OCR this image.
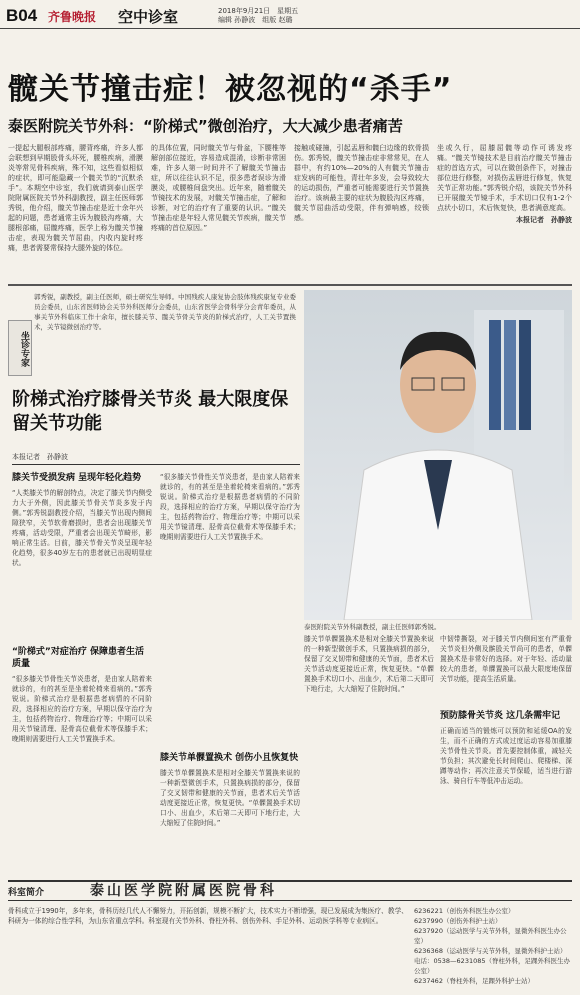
B04 齐鲁晚报 空中诊室	2018年9月21日　星期五
编辑 孙静波　组版 赵璐
髋关节撞击症！被忽视的“杀手”
泰医附院关节外科：“阶梯式”微创治疗，大大减少患者痛苦
一提起大腿根部疼痛，腰背疼痛，许多人都会联想到早期股骨头坏死，腰椎疾病，滑膜炎等常见骨科疾病，殊不知，这些看似相似的症状，即可能隐藏一个髋关节的“沉默杀手”。本期空中诊室，我们就请到泰山医学院附属医院关节外科副教授，副主任医师郭秀锐，他介绍，髋关节撞击症是近十余年兴起的问题，患者通常主诉为腹股沟疼痛，大腿根部痛，屈髋疼痛，医学上称为髋关节撞击症，表现为髋关节屈曲，内收内旋时疼痛，患者需要常保持大腿外旋的体位。
的具体位置，同时髋关节与骨盆，下腰椎等解剖部位接近，容易造成混淆，诊断非常困难，许多人第一时间并不了解髋关节撞击症，所以往往认识不足，很多患者误诊为滑膜炎，或腰椎间盘突出。近年来，随着髋关节镜技术的发展，对髋关节撞击症，了解和诊断，对它的治疗有了重要的认识。“髋关节撞击症是年轻人常见髋关节疾病，髋关节疼痛的首位原因。”
接触或碰撞，引起盂唇和髋臼边缘的软骨损伤。郭秀锐，髋关节撞击症非常常见，在人群中，有约10%—20%的人有髋关节撞击症发病的可能性，青壮年多发，会导致较大的运动损伤，严重者可能需要进行关节置换治疗。该病最主要的症状为腹股沟区疼痛，髋关节屈曲活动受限，伴有弹响感，绞锁感。
坐或久行，屈膝屈髋等动作可诱发疼痛。“髋关节镜技术是目前治疗髋关节撞击症的首选方式，可以在微创条件下，对撞击部位进行修整，对损伤盂唇进行修复，恢复关节正常功能。”郭秀锐介绍，该院关节外科已开展髋关节镜手术，手术切口仅有1-2个点状小切口，术后恢复快，患者满意度高。
本报记者　孙静波
坐诊专家
郭秀锐，副教授，副主任医师，硕士研究生导师。中国残疾人康复协会肢体残疾康复专业委员会委员，山东省医师协会关节外科医师分会委员，山东省医学会骨科学分会青年委员，从事关节外科临床工作十余年，擅长膝关节、髋关节骨关节炎的阶梯式治疗，人工关节置换术，关节镜微创治疗等。
阶梯式治疗膝骨关节炎 最大限度保留关节功能
本报记者　孙静波
膝关节受损发病 呈现年轻化趋势
“人类膝关节的解剖特点，决定了膝关节内侧受力大于外侧，因此膝关节骨关节炎多发于内侧。”郭秀锐副教授介绍，当膝关节出现内侧间隙狭窄，关节软骨磨损时，患者会出现膝关节疼痛，活动受限，严重者会出现关节畸形，影响正常生活。目前，膝关节骨关节炎呈现年轻化趋势，很多40岁左右的患者就已出现明显症状。
“阶梯式”对症治疗 保障患者生活质量
“很多膝关节骨性关节炎患者，是由家人陪着来就诊的，有的甚至是坐着轮椅来看病的。”郭秀锐说。阶梯式治疗是根据患者病情的不同阶段，选择相应的治疗方案，早期以保守治疗为主，包括药物治疗、物理治疗等；中期可以采用关节镜清理、胫骨高位截骨术等保膝手术；晚期则需要进行人工关节置换手术。
“很多膝关节骨性关节炎患者，是由家人陪着来就诊的，有的甚至是坐着轮椅来看病的。”郭秀锐说。阶梯式治疗是根据患者病情的不同阶段，选择相应的治疗方案，早期以保守治疗为主，包括药物治疗、物理治疗等；中期可以采用关节镜清理、胫骨高位截骨术等保膝手术；晚期则需要进行人工关节置换手术。
膝关节单髁置换术 创伤小且恢复快
膝关节单髁置换术是相对全膝关节置换来说的一种新型微创手术，只置换病损的部分，保留了交叉韧带和健康的关节面，患者术后关节活动度更接近正常，恢复更快。“单髁置换手术切口小、出血少，术后第二天即可下地行走，大大缩短了住院时间。”
泰医附院关节外科副教授，副主任医师郭秀锐。
膝关节单髁置换术是相对全膝关节置换来说的一种新型微创手术，只置换病损的部分，保留了交叉韧带和健康的关节面，患者术后关节活动度更接近正常，恢复更快。“单髁置换手术切口小、出血少，术后第二天即可下地行走，大大缩短了住院时间。”
中韧带撕裂，对于膝关节内侧间室有严重骨关节炎但外侧及髌股关节尚可的患者，单髁置换术是非常好的选择。对于年轻、活动量较大的患者，单髁置换可以最大限度地保留关节功能，提高生活质量。
预防膝骨关节炎 这几条需牢记
正确而适当的锻炼可以预防和延缓OA的发生，而不正确的方式或过度运动容易加重膝关节骨性关节炎。首先要控制体重，减轻关节负担；其次避免长时间爬山、爬楼梯、深蹲等动作；再次注意关节保暖，适当进行游泳、骑自行车等低冲击运动。
科室简介	泰山医学院附属医院骨科
骨科成立于1990年，多年来，骨科历经几代人不懈努力，开拓创新，规模不断扩大，技术实力不断增强，现已发展成为集医疗、教学、科研为一体的综合性学科，为山东省重点学科。科室现有关节外科、脊柱外科、创伤外科、手足外科、运动医学科等专业病区。
6236221（创伤外科医生办公室）
6237990（创伤外科护士站）
6237920（运动医学与关节外科，显微外科医生办公室）
6236368（运动医学与关节外科，显微外科护士站）
电话：0538—6231085（脊柱外科，足踝外科医生办公室）
6237462（脊柱外科，足踝外科护士站）
